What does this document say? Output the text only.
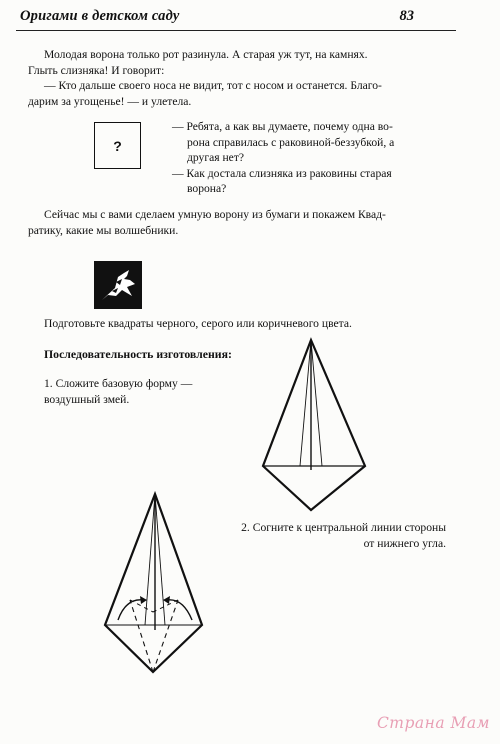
Оригами в детском саду	83
Молодая ворона только рот разинула. А старая уж тут, на камнях.
Глыть слизняка! И говорит:
— Кто дальше своего носа не видит, тот с носом и останется. Благо-
дарим за угощенье! — и улетела.
?

— Ребята, а как вы думаете, почему одна во-
рона справилась с раковиной-беззубкой, а
другая нет?

— Как достала слизняка из раковины старая
ворона?

Сейчас мы с вами сделаем умную ворону из бумаги и покажем Квад-
ратику, какие мы волшебники.
Подготовьте квадраты черного, серого или коричневого цвета.
Последовательность изготовления:
1. Сложите базовую форму —
воздушный змей.
2. Согните к центральной линии стороны
от нижнего угла.
Страна Мам
